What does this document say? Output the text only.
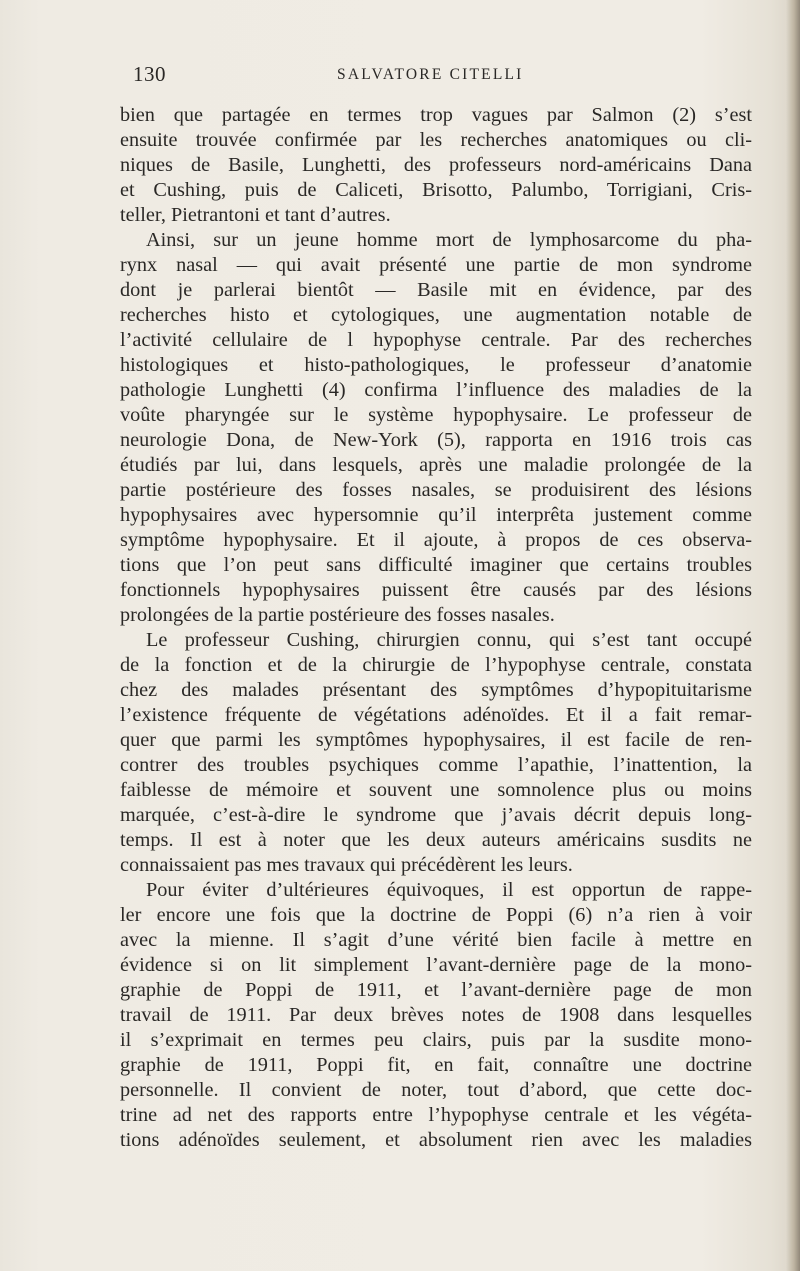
130	SALVATORE CITELLI
bien que partagée en termes trop vagues par Salmon (2) s’est
ensuite trouvée confirmée par les recherches anatomiques ou cli-
niques de Basile, Lunghetti, des professeurs nord-américains Dana
et Cushing, puis de Caliceti, Brisotto, Palumbo, Torrigiani, Cris-
teller, Pietrantoni et tant d’autres.
Ainsi, sur un jeune homme mort de lymphosarcome du pha-
rynx nasal — qui avait présenté une partie de mon syndrome
dont je parlerai bientôt — Basile mit en évidence, par des
recherches histo et cytologiques, une augmentation notable de
l’activité cellulaire de l hypophyse centrale. Par des recherches
histologiques et histo-pathologiques, le professeur d’anatomie
pathologie Lunghetti (4) confirma l’influence des maladies de la
voûte pharyngée sur le système hypophysaire. Le professeur de
neurologie Dona, de New-York (5), rapporta en 1916 trois cas
étudiés par lui, dans lesquels, après une maladie prolongée de la
partie postérieure des fosses nasales, se produisirent des lésions
hypophysaires avec hypersomnie qu’il interprêta justement comme
symptôme hypophysaire. Et il ajoute, à propos de ces observa-
tions que l’on peut sans difficulté imaginer que certains troubles
fonctionnels hypophysaires puissent être causés par des lésions
prolongées de la partie postérieure des fosses nasales.
Le professeur Cushing, chirurgien connu, qui s’est tant occupé
de la fonction et de la chirurgie de l’hypophyse centrale, constata
chez des malades présentant des symptômes d’hypopituitarisme
l’existence fréquente de végétations adénoïdes. Et il a fait remar-
quer que parmi les symptômes hypophysaires, il est facile de ren-
contrer des troubles psychiques comme l’apathie, l’inattention, la
faiblesse de mémoire et souvent une somnolence plus ou moins
marquée, c’est-à-dire le syndrome que j’avais décrit depuis long-
temps. Il est à noter que les deux auteurs américains susdits ne
connaissaient pas mes travaux qui précédèrent les leurs.
Pour éviter d’ultérieures équivoques, il est opportun de rappe-
ler encore une fois que la doctrine de Poppi (6) n’a rien à voir
avec la mienne. Il s’agit d’une vérité bien facile à mettre en
évidence si on lit simplement l’avant-dernière page de la mono-
graphie de Poppi de 1911, et l’avant-dernière page de mon
travail de 1911. Par deux brèves notes de 1908 dans lesquelles
il s’exprimait en termes peu clairs, puis par la susdite mono-
graphie de 1911, Poppi fit, en fait, connaître une doctrine
personnelle. Il convient de noter, tout d’abord, que cette doc-
trine ad net des rapports entre l’hypophyse centrale et les végéta-
tions adénoïdes seulement, et absolument rien avec les maladies
